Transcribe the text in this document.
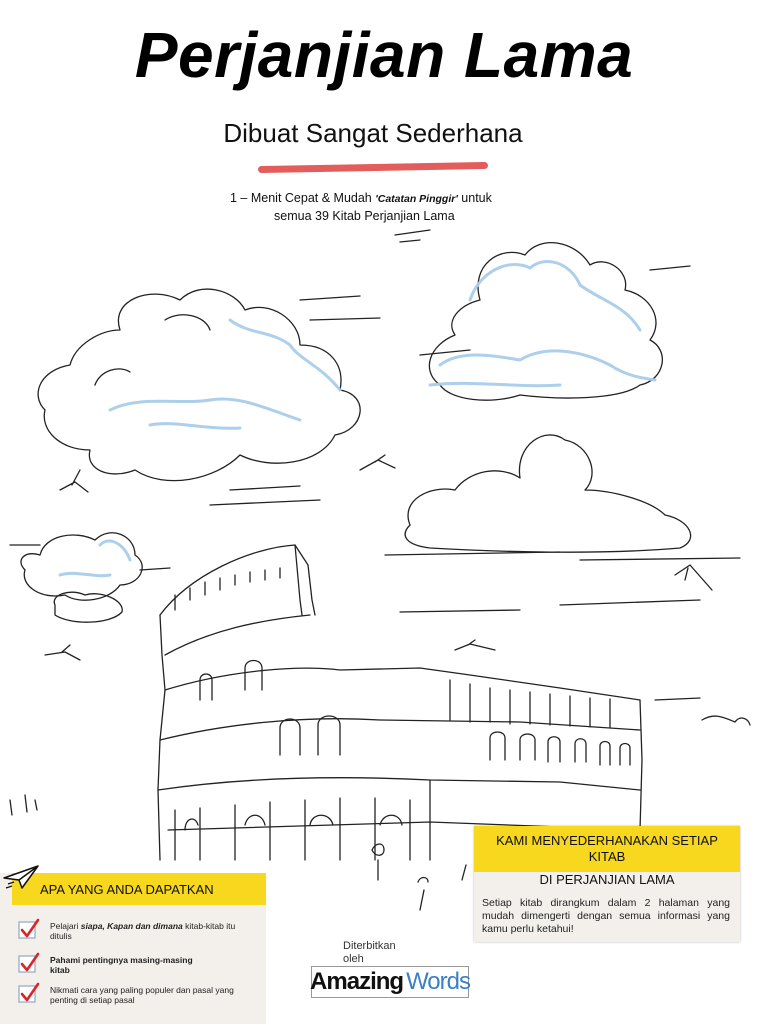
Perjanjian Lama
Dibuat Sangat Sederhana
1 – Menit Cepat & Mudah 'Catatan Pinggir' untuk
semua 39 Kitab Perjanjian Lama
KAMI MENYEDERHANAKAN SETIAP KITAB
DI PERJANJIAN LAMA
Setiap kitab dirangkum dalam 2 halaman yang mudah dimengerti dengan semua informasi yang kamu perlu ketahui!
APA YANG ANDA DAPATKAN
Pelajari siapa, Kapan dan dimana kitab-kitab itu ditulis
Pahami pentingnya masing-masing kitab
Nikmati cara yang paling populer dan pasal yang penting di setiap pasal
Diterbitkan oleh
Amazing Words
